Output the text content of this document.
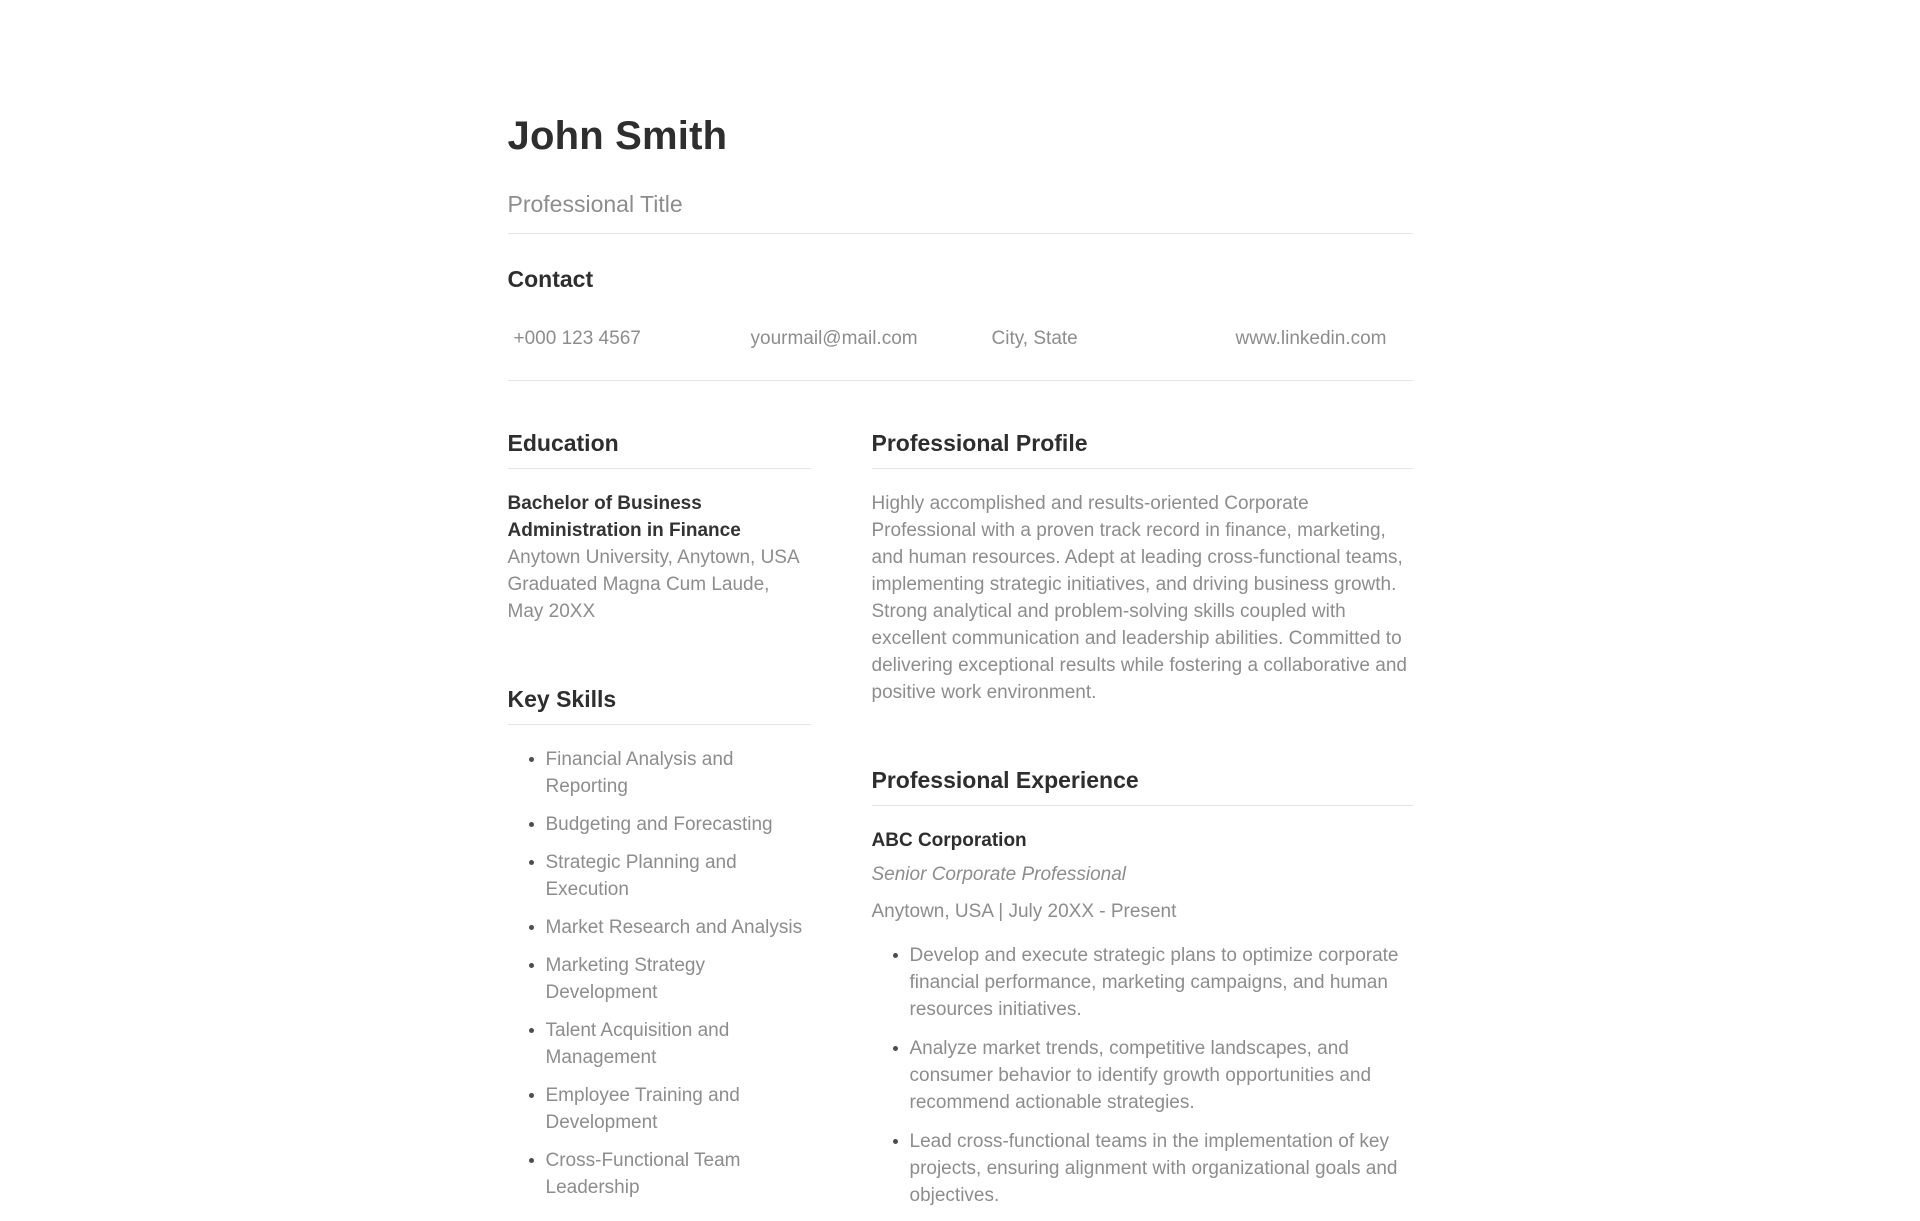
John Smith
Professional Title
Contact
+000 123 4567	yourmail@mail.com	City, State	www.linkedin.com
Education
Bachelor of Business Administration in Finance
Anytown University, Anytown, USA
Graduated Magna Cum Laude, May 20XX
Key Skills
• Financial Analysis and Reporting
• Budgeting and Forecasting
• Strategic Planning and Execution
• Market Research and Analysis
• Marketing Strategy Development
• Talent Acquisition and Management
• Employee Training and Development
• Cross-Functional Team Leadership
Professional Profile

Highly accomplished and results-oriented Corporate Professional with a proven track record in finance, marketing, and human resources. Adept at leading cross-functional teams, implementing strategic initiatives, and driving business growth. Strong analytical and problem-solving skills coupled with excellent communication and leadership abilities. Committed to delivering exceptional results while fostering a collaborative and positive work environment.

Professional Experience
ABC Corporation
Senior Corporate Professional
Anytown, USA | July 20XX - Present
• Develop and execute strategic plans to optimize corporate financial performance, marketing campaigns, and human resources initiatives.
• Analyze market trends, competitive landscapes, and consumer behavior to identify growth opportunities and recommend actionable strategies.
• Lead cross-functional teams in the implementation of key projects, ensuring alignment with organizational goals and objectives.
